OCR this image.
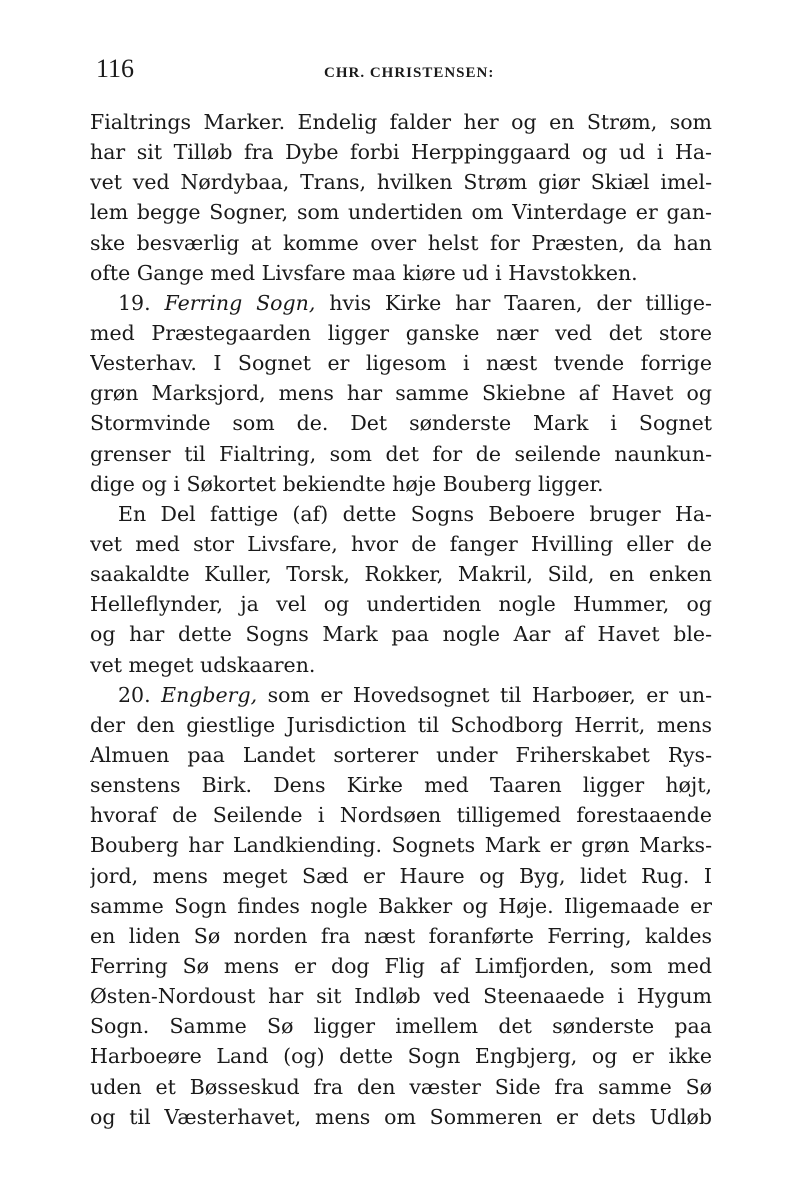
116	CHR. CHRISTENSEN:
Fialtrings Marker. Endelig falder her og en Strøm, som
har sit Tilløb fra Dybe forbi Herppinggaard og ud i Ha-
vet ved Nørdybaa, Trans, hvilken Strøm giør Skiæl imel-
lem begge Sogner, som undertiden om Vinterdage er gan-
ske besværlig at komme over helst for Præsten, da han
ofte Gange med Livsfare maa kiøre ud i Havstokken.
19. Ferring Sogn, hvis Kirke har Taaren, der tillige-
med Præstegaarden ligger ganske nær ved det store
Vesterhav. I Sognet er ligesom i næst tvende forrige
grøn Marksjord, mens har samme Skiebne af Havet og
Stormvinde som de. Det sønderste Mark i Sognet
grenser til Fialtring, som det for de seilende naunkun-
dige og i Søkortet bekiendte høje Bouberg ligger.
En Del fattige (af) dette Sogns Beboere bruger Ha-
vet med stor Livsfare, hvor de fanger Hvilling eller de
saakaldte Kuller, Torsk, Rokker, Makril, Sild, en enken
Helleflynder, ja vel og undertiden nogle Hummer, og
og har dette Sogns Mark paa nogle Aar af Havet ble-
vet meget udskaaren.
20. Engberg, som er Hovedsognet til Harboøer, er un-
der den giestlige Jurisdiction til Schodborg Herrit, mens
Almuen paa Landet sorterer under Friherskabet Rys-
senstens Birk. Dens Kirke med Taaren ligger højt,
hvoraf de Seilende i Nordsøen tilligemed forestaaende
Bouberg har Landkiending. Sognets Mark er grøn Marks-
jord, mens meget Sæd er Haure og Byg, lidet Rug. I
samme Sogn findes nogle Bakker og Høje. Iligemaade er
en liden Sø norden fra næst foranførte Ferring, kaldes
Ferring Sø mens er dog Flig af Limfjorden, som med
Østen-Nordoust har sit Indløb ved Steenaaede i Hygum
Sogn. Samme Sø ligger imellem det sønderste paa
Harboeøre Land (og) dette Sogn Engbjerg, og er ikke
uden et Bøsseskud fra den væster Side fra samme Sø
og til Væsterhavet, mens om Sommeren er dets Udløb
